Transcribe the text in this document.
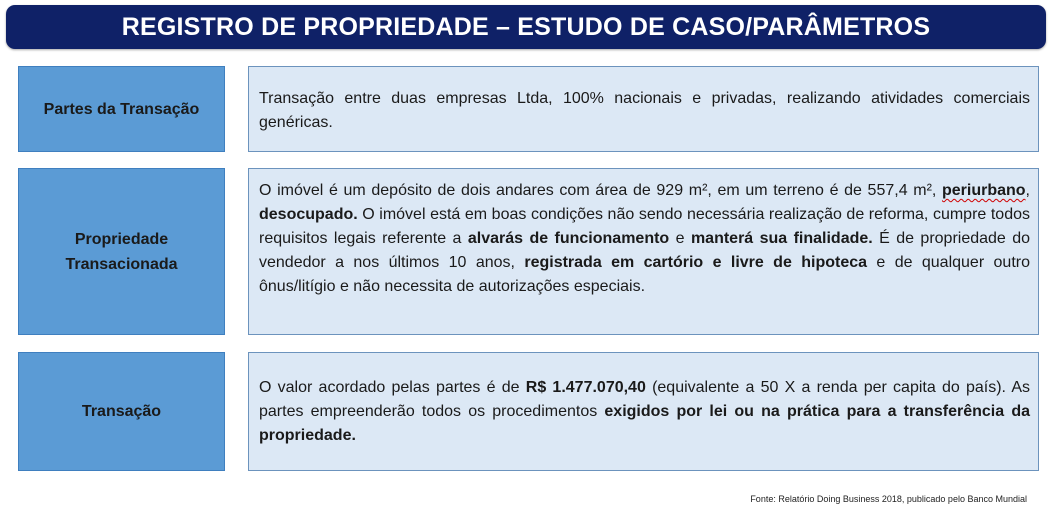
REGISTRO DE PROPRIEDADE – ESTUDO DE CASO/PARÂMETROS
Partes da Transação
Transação entre duas empresas Ltda, 100% nacionais e privadas, realizando atividades comerciais genéricas.
Propriedade
Transacionada
O imóvel é um depósito de dois andares com área de 929 m², em um terreno é de 557,4 m², periurbano, desocupado. O imóvel está em boas condições não sendo necessária realização de reforma, cumpre todos requisitos legais referente a alvarás de funcionamento e manterá sua finalidade. É de propriedade do vendedor a nos últimos 10 anos, registrada em cartório e livre de hipoteca e de qualquer outro ônus/litígio e não necessita de autorizações especiais.
Transação
O valor acordado pelas partes é de R$ 1.477.070,40 (equivalente a 50 X a renda per capita do país). As partes empreenderão todos os procedimentos exigidos por lei ou na prática para a transferência da propriedade.
Fonte: Relatório Doing Business 2018, publicado pelo Banco Mundial
